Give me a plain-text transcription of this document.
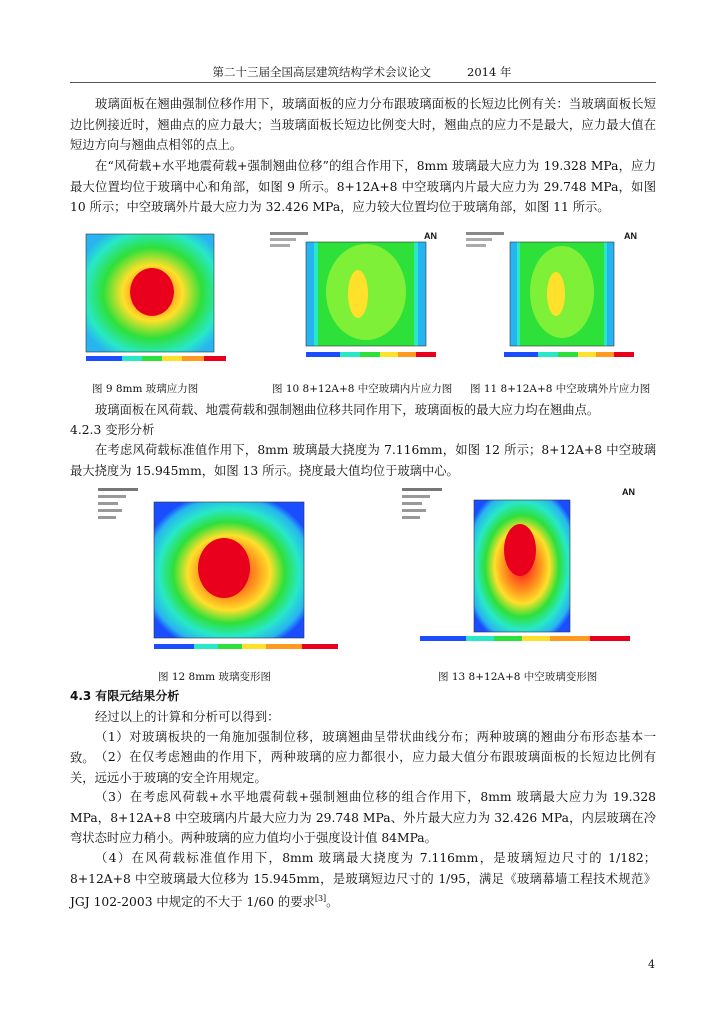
第二十三届全国高层建筑结构学术会议论文	2014 年

玻璃面板在翘曲强制位移作用下，玻璃面板的应力分布跟玻璃面板的长短边比例有关：当玻璃面板长短边比例接近时，翘曲点的应力最大；当玻璃面板长短边比例变大时，翘曲点的应力不是最大，应力最大值在短边方向与翘曲点相邻的点上。

在“风荷载+水平地震荷载+强制翘曲位移”的组合作用下，8mm 玻璃最大应力为 19.328 MPa，应力最大位置均位于玻璃中心和角部，如图 9 所示。8+12A+8 中空玻璃内片最大应力为 29.748 MPa，如图 10 所示；中空玻璃外片最大应力为 32.426 MPa，应力较大位置均位于玻璃角部，如图 11 所示。

AN	AN
图 9 8mm 玻璃应力图	图 10 8+12A+8 中空玻璃内片应力图 图 11 8+12A+8 中空玻璃外片应力图

玻璃面板在风荷载、地震荷载和强制翘曲位移共同作用下，玻璃面板的最大应力均在翘曲点。

4.2.3 变形分析

在考虑风荷载标准值作用下，8mm 玻璃最大挠度为 7.116mm，如图 12 所示；8+12A+8 中空玻璃最大挠度为 15.945mm，如图 13 所示。挠度最大值均位于玻璃中心。

AN
图 12 8mm 玻璃变形图	图 13 8+12A+8 中空玻璃变形图
4.3 有限元结果分析

经过以上的计算和分析可以得到：

（1）对玻璃板块的一角施加强制位移，玻璃翘曲呈带状曲线分布；两种玻璃的翘曲分布形态基本一致。 （2）在仅考虑翘曲的作用下，两种玻璃的应力都很小，应力最大值分布跟玻璃面板的长短边比例有关，远远小于玻璃的安全许用规定。

（3）在考虑风荷载+水平地震荷载+强制翘曲位移的组合作用下，8mm 玻璃最大应力为 19.328 MPa，8+12A+8 中空玻璃内片最大应力为 29.748 MPa、外片最大应力为 32.426 MPa，内层玻璃在冷弯状态时应力稍小。两种玻璃的应力值均小于强度设计值 84MPa。

（4）在风荷载标准值作用下，8mm 玻璃最大挠度为 7.116mm，是玻璃短边尺寸的 1/182；8+12A+8 中空玻璃最大位移为 15.945mm，是玻璃短边尺寸的 1/95，满足《玻璃幕墙工程技术规范》JGJ 102-2003 中规定的不大于 1/60 的要求[3]。

4
